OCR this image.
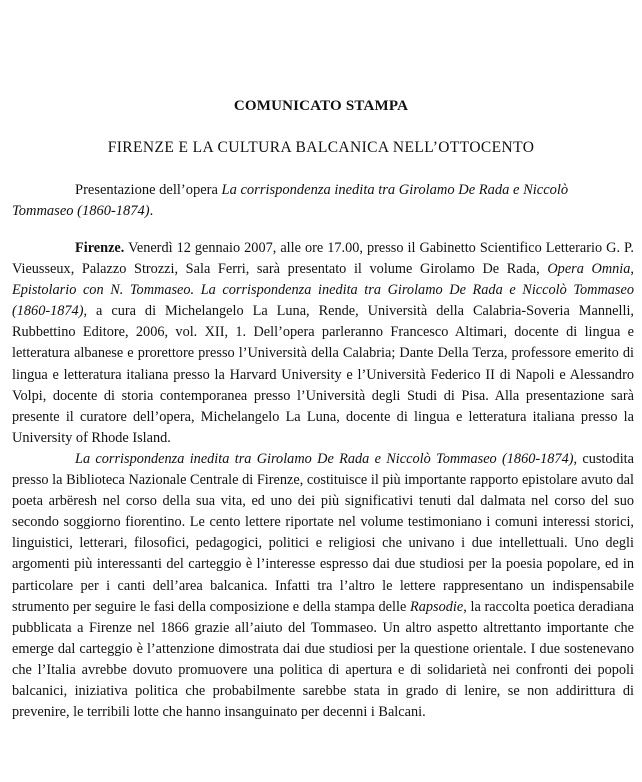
COMUNICATO STAMPA
FIRENZE E LA CULTURA BALCANICA NELL’OTTOCENTO

Presentazione dell’opera La corrispondenza inedita tra Girolamo De Rada e Niccolò Tommaseo (1860-1874).

Firenze. Venerdì 12 gennaio 2007, alle ore 17.00, presso il Gabinetto Scientifico Letterario G. P. Vieusseux, Palazzo Strozzi, Sala Ferri, sarà presentato il volume Girolamo De Rada, Opera Omnia, Epistolario con N. Tommaseo. La corrispondenza inedita tra Girolamo De Rada e Niccolò Tommaseo (1860-1874), a cura di Michelangelo La Luna, Rende, Università della Calabria-Soveria Mannelli, Rubbettino Editore, 2006, vol. XII, 1. Dell’opera parleranno Francesco Altimari, docente di lingua e letteratura albanese e prorettore presso l’Università della Calabria; Dante Della Terza, professore emerito di lingua e letteratura italiana presso la Harvard University e l’Università Federico II di Napoli e Alessandro Volpi, docente di storia contemporanea presso l’Università degli Studi di Pisa. Alla presentazione sarà presente il curatore dell’opera, Michelangelo La Luna, docente di lingua e letteratura italiana presso la University of Rhode Island.

La corrispondenza inedita tra Girolamo De Rada e Niccolò Tommaseo (1860-1874), custodita presso la Biblioteca Nazionale Centrale di Firenze, costituisce il più importante rapporto epistolare avuto dal poeta arbëresh nel corso della sua vita, ed uno dei più significativi tenuti dal dalmata nel corso del suo secondo soggiorno fiorentino. Le cento lettere riportate nel volume testimoniano i comuni interessi storici, linguistici, letterari, filosofici, pedagogici, politici e religiosi che univano i due intellettuali. Uno degli argomenti più interessanti del carteggio è l’interesse espresso dai due studiosi per la poesia popolare, ed in particolare per i canti dell’area balcanica. Infatti tra l’altro le lettere rappresentano un indispensabile strumento per seguire le fasi della composizione e della stampa delle Rapsodie, la raccolta poetica deradiana pubblicata a Firenze nel 1866 grazie all’aiuto del Tommaseo. Un altro aspetto altrettanto importante che emerge dal carteggio è l’attenzione dimostrata dai due studiosi per la questione orientale. I due sostenevano che l’Italia avrebbe dovuto promuovere una politica di apertura e di solidarietà nei confronti dei popoli balcanici, iniziativa politica che probabilmente sarebbe stata in grado di lenire, se non addirittura di prevenire, le terribili lotte che hanno insanguinato per decenni i Balcani.
